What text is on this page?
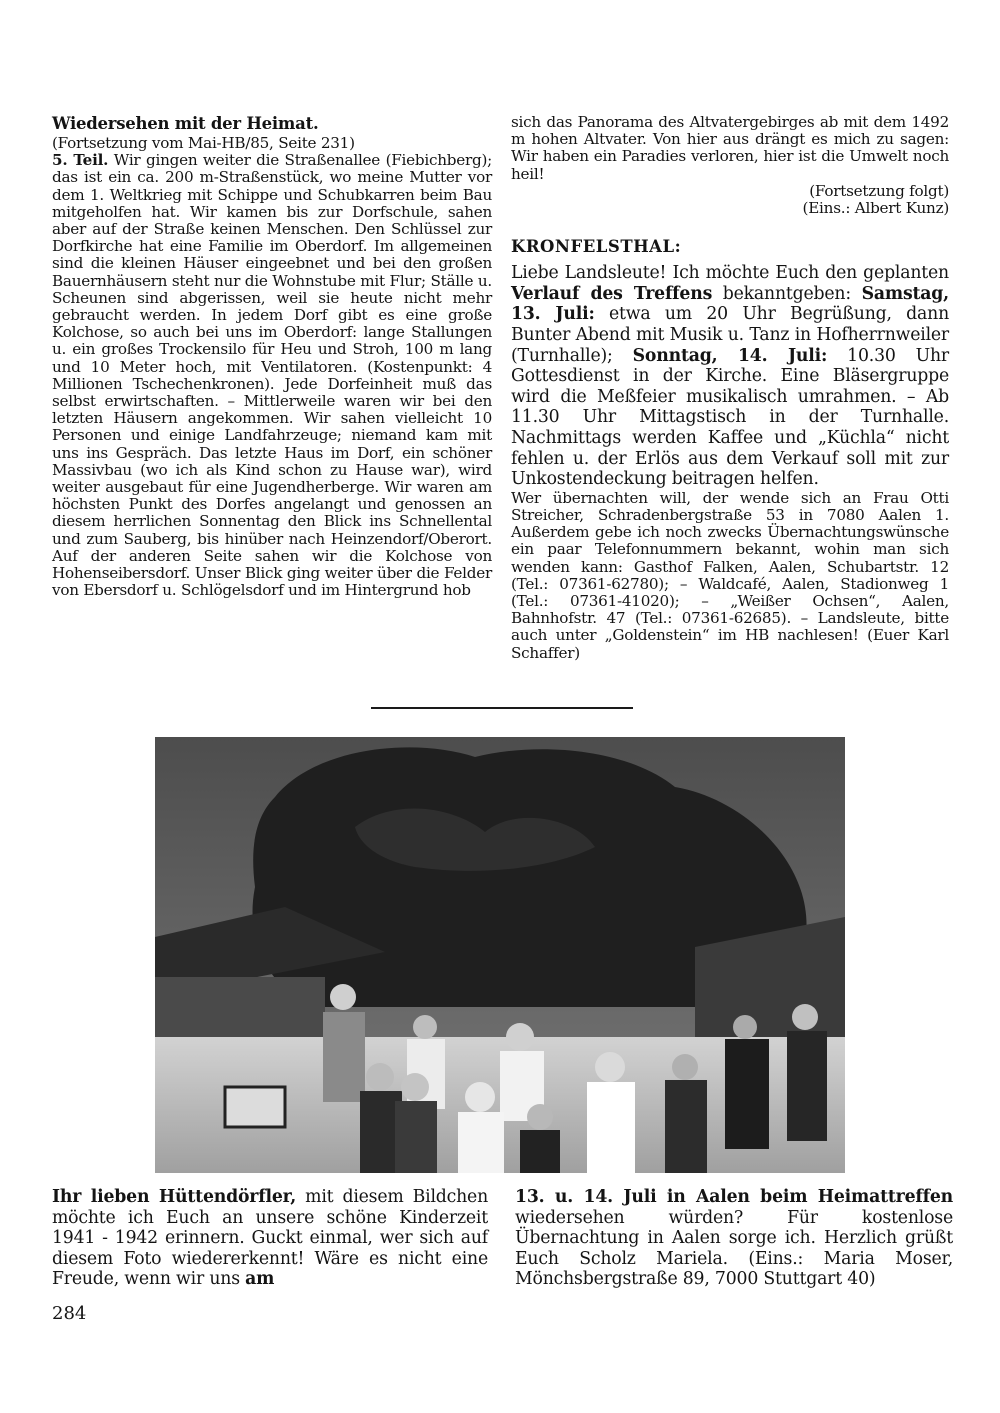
Wiedersehen mit der Heimat.

(Fortsetzung vom Mai-HB/85, Seite 231)

5. Teil. Wir gingen weiter die Straßenallee (Fiebichberg); das ist ein ca. 200 m-Straßenstück, wo meine Mutter vor dem 1. Weltkrieg mit Schippe und Schubkarren beim Bau mitgeholfen hat. Wir kamen bis zur Dorfschule, sahen aber auf der Straße keinen Menschen. Den Schlüssel zur Dorfkirche hat eine Familie im Oberdorf. Im allgemeinen sind die kleinen Häuser eingeebnet und bei den großen Bauernhäusern steht nur die Wohnstube mit Flur; Ställe u. Scheunen sind abgerissen, weil sie heute nicht mehr gebraucht werden. In jedem Dorf gibt es eine große Kolchose, so auch bei uns im Oberdorf: lange Stallungen u. ein großes Trockensilo für Heu und Stroh, 100 m lang und 10 Meter hoch, mit Ventilatoren. (Kostenpunkt: 4 Millionen Tschechenkronen). Jede Dorfeinheit muß das selbst erwirtschaften. – Mittlerweile waren wir bei den letzten Häusern angekommen. Wir sahen vielleicht 10 Personen und einige Landfahrzeuge; niemand kam mit uns ins Gespräch. Das letzte Haus im Dorf, ein schöner Massivbau (wo ich als Kind schon zu Hause war), wird weiter ausgebaut für eine Jugendherberge. Wir waren am höchsten Punkt des Dorfes angelangt und genossen an diesem herrlichen Sonnentag den Blick ins Schnellental und zum Sauberg, bis hinüber nach Heinzendorf/Oberort. Auf der anderen Seite sahen wir die Kolchose von Hohenseibersdorf. Unser Blick ging weiter über die Felder von Ebersdorf u. Schlögelsdorf und im Hintergrund hob

sich das Panorama des Altvatergebirges ab mit dem 1492 m hohen Altvater. Von hier aus drängt es mich zu sagen: Wir haben ein Paradies verloren, hier ist die Umwelt noch heil!

(Fortsetzung folgt)

(Eins.: Albert Kunz)

KRONFELSTHAL:

Liebe Landsleute! Ich möchte Euch den geplanten Verlauf des Treffens bekanntgeben: Samstag, 13. Juli: etwa um 20 Uhr Begrüßung, dann Bunter Abend mit Musik u. Tanz in Hofherrnweiler (Turnhalle); Sonntag, 14. Juli: 10.30 Uhr Gottesdienst in der Kirche. Eine Bläsergruppe wird die Meßfeier musikalisch umrahmen. – Ab 11.30 Uhr Mittagstisch in der Turnhalle. Nachmittags werden Kaffee und „Küchla“ nicht fehlen u. der Erlös aus dem Verkauf soll mit zur Unkostendeckung beitragen helfen.

Wer übernachten will, der wende sich an Frau Otti Streicher, Schradenbergstraße 53 in 7080 Aalen 1. Außerdem gebe ich noch zwecks Übernachtungswünsche ein paar Telefonnummern bekannt, wohin man sich wenden kann: Gasthof Falken, Aalen, Schubartstr. 12 (Tel.: 07361-62780); – Waldcafé, Aalen, Stadionweg 1 (Tel.: 07361-41020); – „Weißer Ochsen“, Aalen, Bahnhofstr. 47 (Tel.: 07361-62685). – Landsleute, bitte auch unter „Goldenstein“ im HB nachlesen! (Euer Karl Schaffer)

Ihr lieben Hüttendörfler, mit diesem Bildchen möchte ich Euch an unsere schöne Kinderzeit 1941 - 1942 erinnern. Guckt einmal, wer sich auf diesem Foto wiedererkennt! Wäre es nicht eine Freude, wenn wir uns am
13. u. 14. Juli in Aalen beim Heimattreffen wiedersehen würden? Für kostenlose Übernachtung in Aalen sorge ich. Herzlich grüßt Euch Scholz Mariela. (Eins.: Maria Moser, Mönchsbergstraße 89, 7000 Stuttgart 40)
284
